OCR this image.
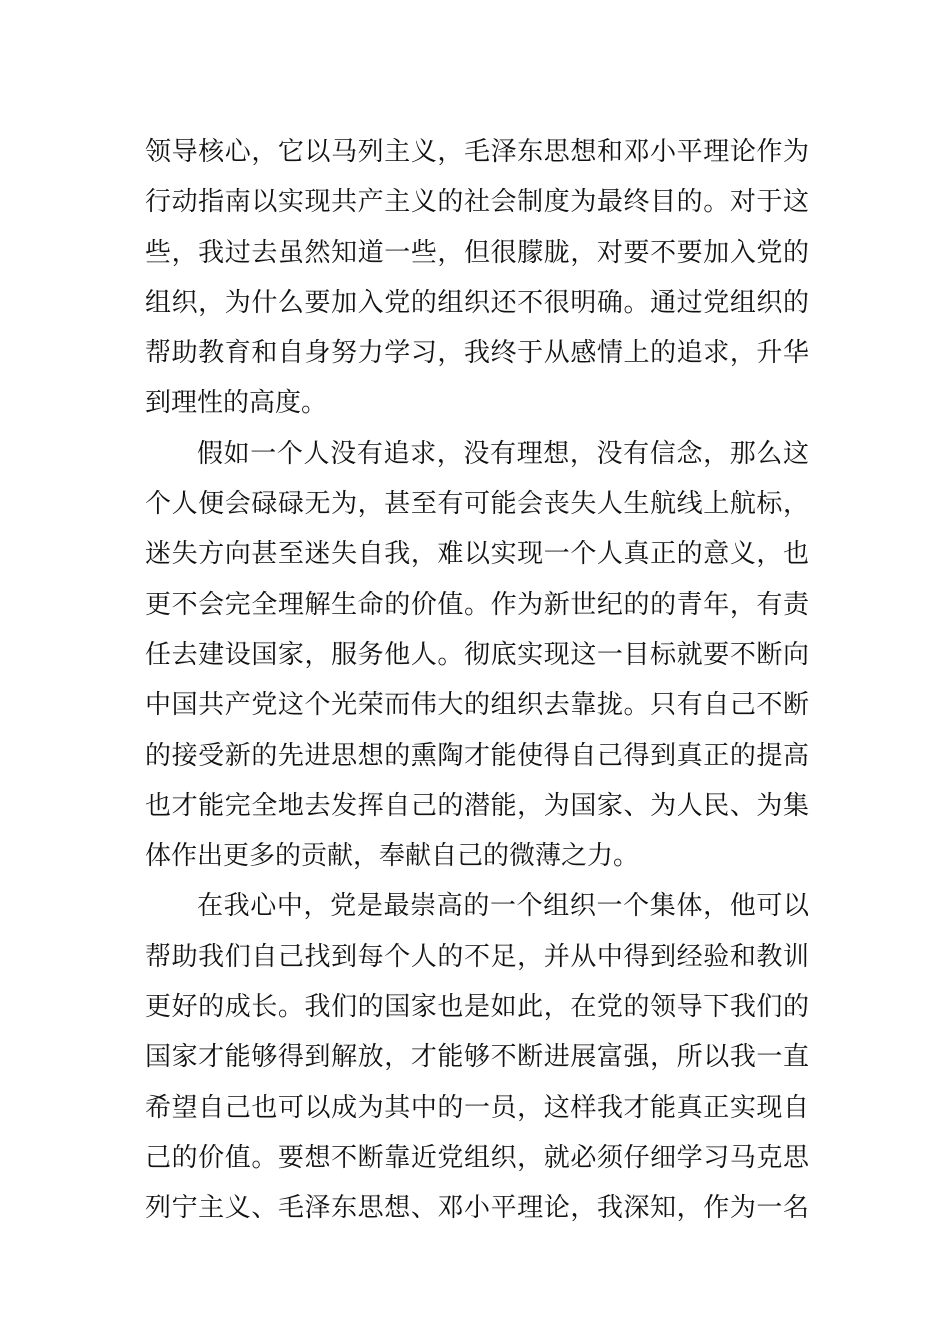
领导核心，它以马列主义，毛泽东思想和邓小平理论作为
行动指南以实现共产主义的社会制度为最终目的。对于这
些，我过去虽然知道一些，但很朦胧，对要不要加入党的
组织，为什么要加入党的组织还不很明确。通过党组织的
帮助教育和自身努力学习，我终于从感情上的追求，升华
到理性的高度。
假如一个人没有追求，没有理想，没有信念，那么这
个人便会碌碌无为，甚至有可能会丧失人生航线上航标，
迷失方向甚至迷失自我，难以实现一个人真正的意义，也
更不会完全理解生命的价值。作为新世纪的的青年，有责
任去建设国家，服务他人。彻底实现这一目标就要不断向
中国共产党这个光荣而伟大的组织去靠拢。只有自己不断
的接受新的先进思想的熏陶才能使得自己得到真正的提高
也才能完全地去发挥自己的潜能，为国家、为人民、为集
体作出更多的贡献，奉献自己的微薄之力。
在我心中，党是最崇高的一个组织一个集体，他可以
帮助我们自己找到每个人的不足，并从中得到经验和教训
更好的成长。我们的国家也是如此，在党的领导下我们的
国家才能够得到解放，才能够不断进展富强，所以我一直
希望自己也可以成为其中的一员，这样我才能真正实现自
己的价值。要想不断靠近党组织，就必须仔细学习马克思
列宁主义、毛泽东思想、邓小平理论，我深知，作为一名
